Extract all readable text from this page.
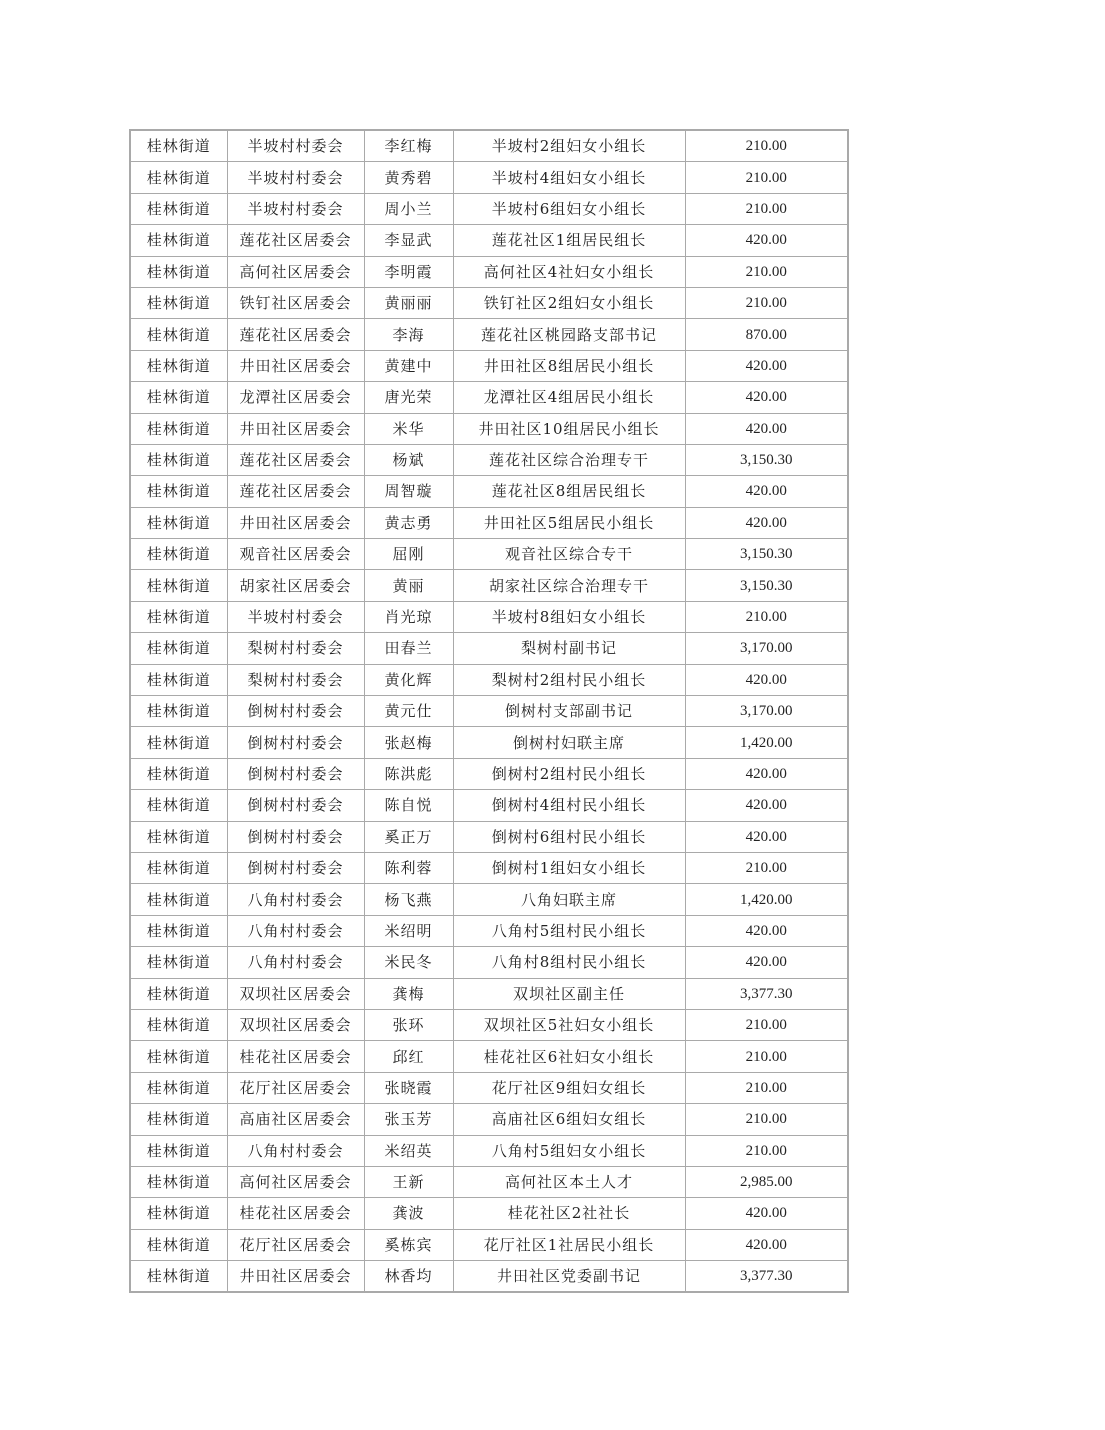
桂林街道	半坡村村委会	李红梅	半坡村2组妇女小组长	210.00
桂林街道	半坡村村委会	黄秀碧	半坡村4组妇女小组长	210.00
桂林街道	半坡村村委会	周小兰	半坡村6组妇女小组长	210.00
桂林街道	莲花社区居委会	李显武	莲花社区1组居民组长	420.00
桂林街道	高何社区居委会	李明霞	高何社区4社妇女小组长	210.00
桂林街道	铁钉社区居委会	黄丽丽	铁钉社区2组妇女小组长	210.00
桂林街道	莲花社区居委会	李海	莲花社区桃园路支部书记	870.00
桂林街道	井田社区居委会	黄建中	井田社区8组居民小组长	420.00
桂林街道	龙潭社区居委会	唐光荣	龙潭社区4组居民小组长	420.00
桂林街道	井田社区居委会	米华	井田社区10组居民小组长	420.00
桂林街道	莲花社区居委会	杨斌	莲花社区综合治理专干	3,150.30
桂林街道	莲花社区居委会	周智璇	莲花社区8组居民组长	420.00
桂林街道	井田社区居委会	黄志勇	井田社区5组居民小组长	420.00
桂林街道	观音社区居委会	屈刚	观音社区综合专干	3,150.30
桂林街道	胡家社区居委会	黄丽	胡家社区综合治理专干	3,150.30
桂林街道	半坡村村委会	肖光琼	半坡村8组妇女小组长	210.00
桂林街道	梨树村村委会	田春兰	梨树村副书记	3,170.00
桂林街道	梨树村村委会	黄化辉	梨树村2组村民小组长	420.00
桂林街道	倒树村村委会	黄元仕	倒树村支部副书记	3,170.00
桂林街道	倒树村村委会	张赵梅	倒树村妇联主席	1,420.00
桂林街道	倒树村村委会	陈洪彪	倒树村2组村民小组长	420.00
桂林街道	倒树村村委会	陈自悦	倒树村4组村民小组长	420.00
桂林街道	倒树村村委会	奚正万	倒树村6组村民小组长	420.00
桂林街道	倒树村村委会	陈利蓉	倒树村1组妇女小组长	210.00
桂林街道	八角村村委会	杨飞燕	八角妇联主席	1,420.00
桂林街道	八角村村委会	米绍明	八角村5组村民小组长	420.00
桂林街道	八角村村委会	米民冬	八角村8组村民小组长	420.00
桂林街道	双坝社区居委会	龚梅	双坝社区副主任	3,377.30
桂林街道	双坝社区居委会	张环	双坝社区5社妇女小组长	210.00
桂林街道	桂花社区居委会	邱红	桂花社区6社妇女小组长	210.00
桂林街道	花厅社区居委会	张晓霞	花厅社区9组妇女组长	210.00
桂林街道	高庙社区居委会	张玉芳	高庙社区6组妇女组长	210.00
桂林街道	八角村村委会	米绍英	八角村5组妇女小组长	210.00
桂林街道	高何社区居委会	王新	高何社区本土人才	2,985.00
桂林街道	桂花社区居委会	龚波	桂花社区2社社长	420.00
桂林街道	花厅社区居委会	奚栋宾	花厅社区1社居民小组长	420.00
桂林街道	井田社区居委会	林香均	井田社区党委副书记	3,377.30
